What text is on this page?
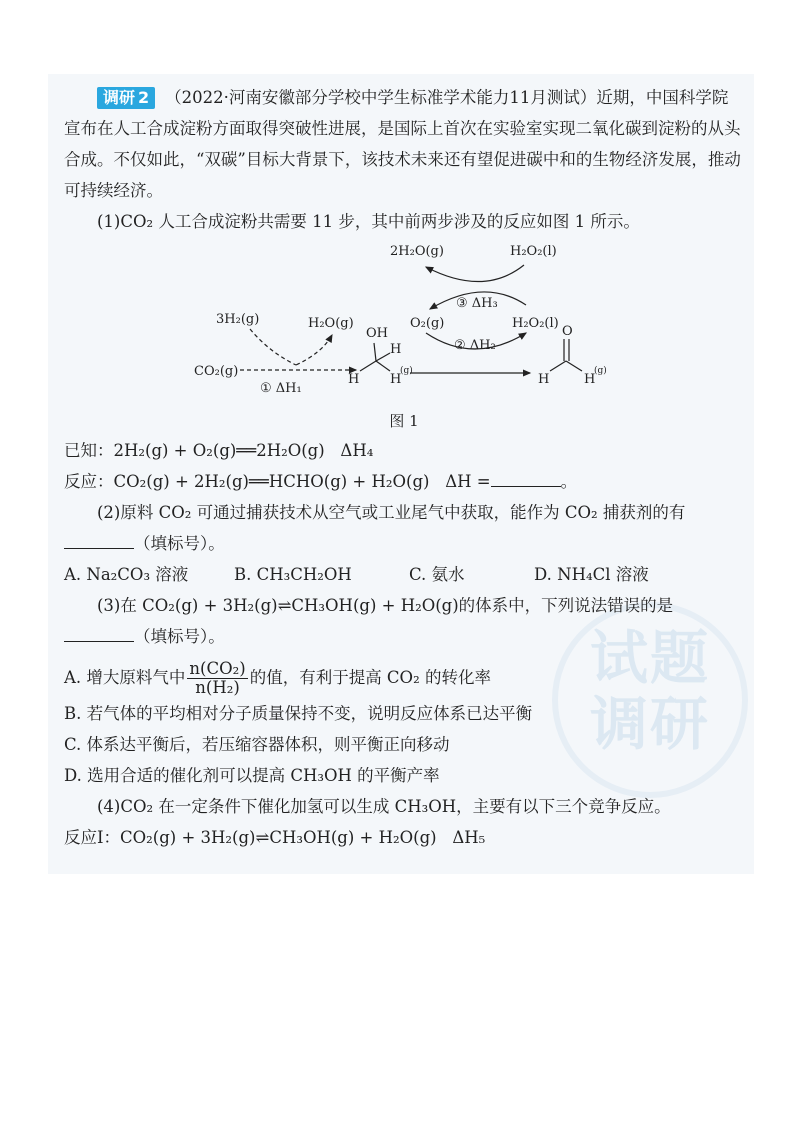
试题
调研

调研 2 （2022·河南安徽部分学校中学生标准学术能力11月测试）近期，中国科学院宣布在人工合成淀粉方面取得突破性进展，是国际上首次在实验室实现二氧化碳到淀粉的从头合成。不仅如此，“双碳”目标大背景下，该技术未来还有望促进碳中和的生物经济发展，推动可持续经济。

(1)CO₂ 人工合成淀粉共需要 11 步，其中前两步涉及的反应如图 1 所示。

2H₂O(g)	H₂O₂(l)
③ ΔH₃
3H₂(g)	H₂O(g)
CO₂(g)
① ΔH₁
OH
H
H
H
(g)
O₂(g)	H₂O₂(l)
② ΔH₂
O
H	H
(g)

图 1

已知：2H₂(g) + O₂(g)══2H₂O(g) ΔH₄

反应：CO₂(g) + 2H₂(g)══HCHO(g) + H₂O(g) ΔH =	。

(2)原料 CO₂ 可通过捕获技术从空气或工业尾气中获取，能作为 CO₂ 捕获剂的有

（填标号）。

A. Na₂CO₃ 溶液	B. CH₃CH₂OH	C. 氨水	D. NH₄Cl 溶液

(3)在 CO₂(g) + 3H₂(g)⇌CH₃OH(g) + H₂O(g)的体系中，下列说法错误的是

（填标号）。

A. 增大原料气中 $\frac{\text{n(CO₂)}}{\text{n(H₂)}}$ 的值，有利于提高 CO₂ 的转化率

B. 若气体的平均相对分子质量保持不变，说明反应体系已达平衡

C. 体系达平衡后，若压缩容器体积，则平衡正向移动

D. 选用合适的催化剂可以提高 CH₃OH 的平衡产率

(4)CO₂ 在一定条件下催化加氢可以生成 CH₃OH，主要有以下三个竞争反应。

反应Ⅰ：CO₂(g) + 3H₂(g)⇌CH₃OH(g) + H₂O(g) ΔH₅
